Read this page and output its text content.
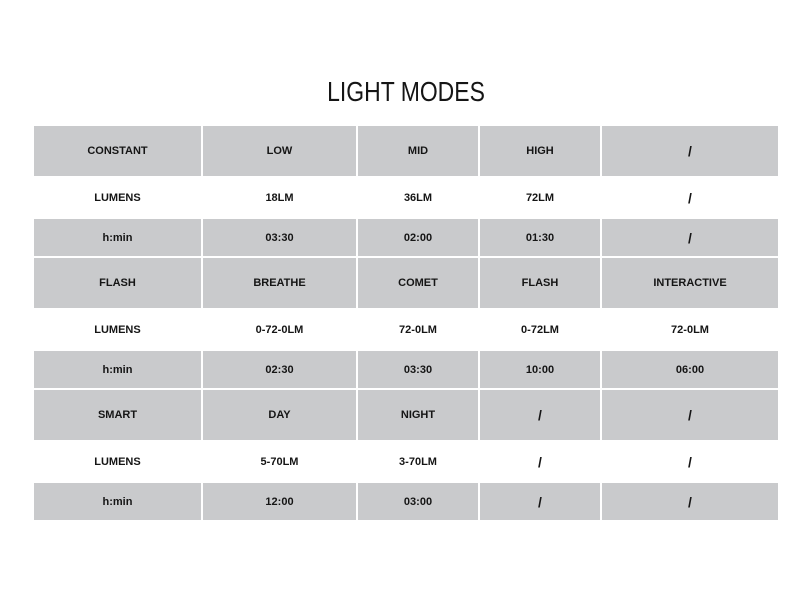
LIGHT MODES
CONSTANT	LOW	MID	HIGH	/
LUMENS	18LM	36LM	72LM	/
h:min	03:30	02:00	01:30	/
FLASH	BREATHE	COMET	FLASH	INTERACTIVE
LUMENS	0-72-0LM	72-0LM	0-72LM	72-0LM
h:min	02:30	03:30	10:00	06:00
SMART	DAY	NIGHT	/	/
LUMENS	5-70LM	3-70LM	/	/
h:min	12:00	03:00	/	/
